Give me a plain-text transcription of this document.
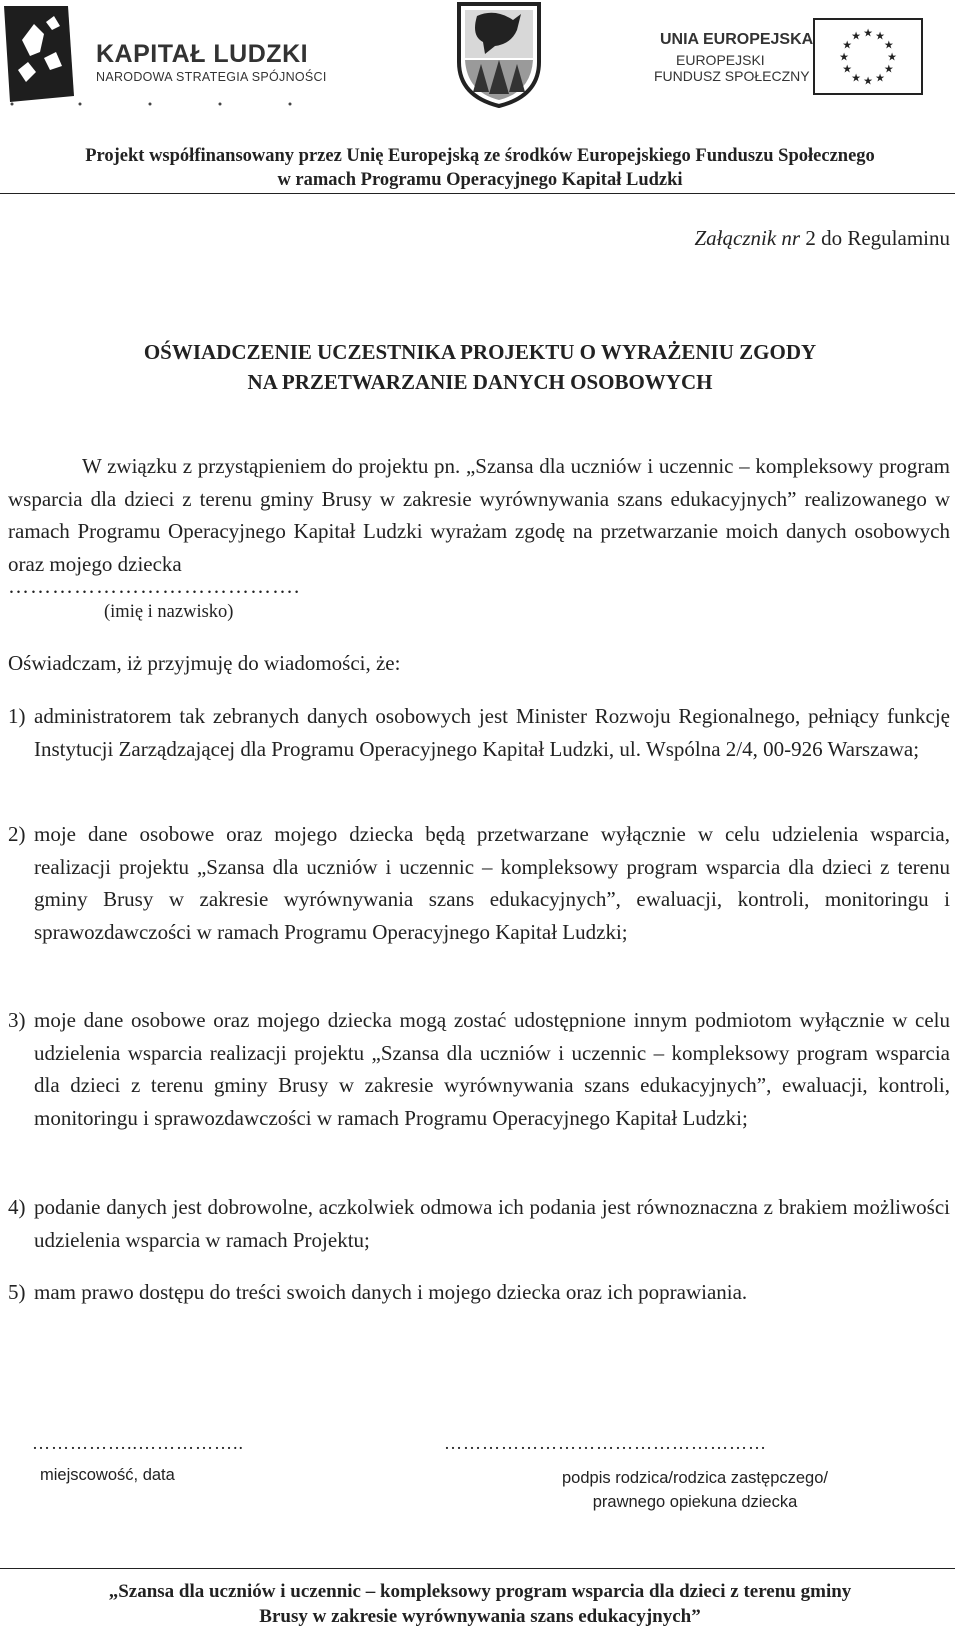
KAPITAŁ LUDZKI
NARODOWA STRATEGIA SPÓJNOŚCI
UNIA EUROPEJSKA
EUROPEJSKI
FUNDUSZ SPOŁECZNY
★ ★
★
★
★
★
★
★
★
★
★
★
Projekt współfinansowany przez Unię Europejską ze środków Europejskiego Funduszu Społecznego
w ramach Programu Operacyjnego Kapitał Ludzki
Załącznik nr 2 do Regulaminu
OŚWIADCZENIE UCZESTNIKA PROJEKTU O WYRAŻENIU ZGODY
NA PRZETWARZANIE DANYCH OSOBOWYCH
W związku z przystąpieniem do projektu pn. „Szansa dla uczniów i uczennic – kompleksowy program wsparcia dla dzieci z terenu gminy Brusy w zakresie wyrównywania szans edukacyjnych” realizowanego w ramach Programu Operacyjnego Kapitał Ludzki wyrażam zgodę na przetwarzanie moich danych osobowych oraz mojego dziecka
………………………………….
(imię i nazwisko)
Oświadczam, iż przyjmuję do wiadomości, że:
1) administratorem tak zebranych danych osobowych jest Minister Rozwoju Regionalnego, pełniący funkcję Instytucji Zarządzającej dla Programu Operacyjnego Kapitał Ludzki, ul. Wspólna 2/4, 00-926 Warszawa;
2) moje dane osobowe oraz mojego dziecka będą przetwarzane wyłącznie w celu udzielenia wsparcia, realizacji projektu „Szansa dla uczniów i uczennic – kompleksowy program wsparcia dla dzieci z terenu gminy Brusy w zakresie wyrównywania szans edukacyjnych”, ewaluacji, kontroli, monitoringu i sprawozdawczości w ramach Programu Operacyjnego Kapitał Ludzki;
3) moje dane osobowe oraz mojego dziecka mogą zostać udostępnione innym podmiotom wyłącznie w celu udzielenia wsparcia realizacji projektu „Szansa dla uczniów i uczennic – kompleksowy program wsparcia dla dzieci z terenu gminy Brusy w zakresie wyrównywania szans edukacyjnych”, ewaluacji, kontroli, monitoringu i sprawozdawczości w ramach Programu Operacyjnego Kapitał Ludzki;
4) podanie danych jest dobrowolne, aczkolwiek odmowa ich podania jest równoznaczna z brakiem możliwości udzielenia wsparcia w ramach Projektu;
5) mam prawo dostępu do treści swoich danych i mojego dziecka oraz ich poprawiania.
……………..……………..	……………………………………………
miejscowość, data	podpis rodzica/rodzica zastępczego/
prawnego opiekuna dziecka
„Szansa dla uczniów i uczennic – kompleksowy program wsparcia dla dzieci z terenu gminy
Brusy w zakresie wyrównywania szans edukacyjnych”
